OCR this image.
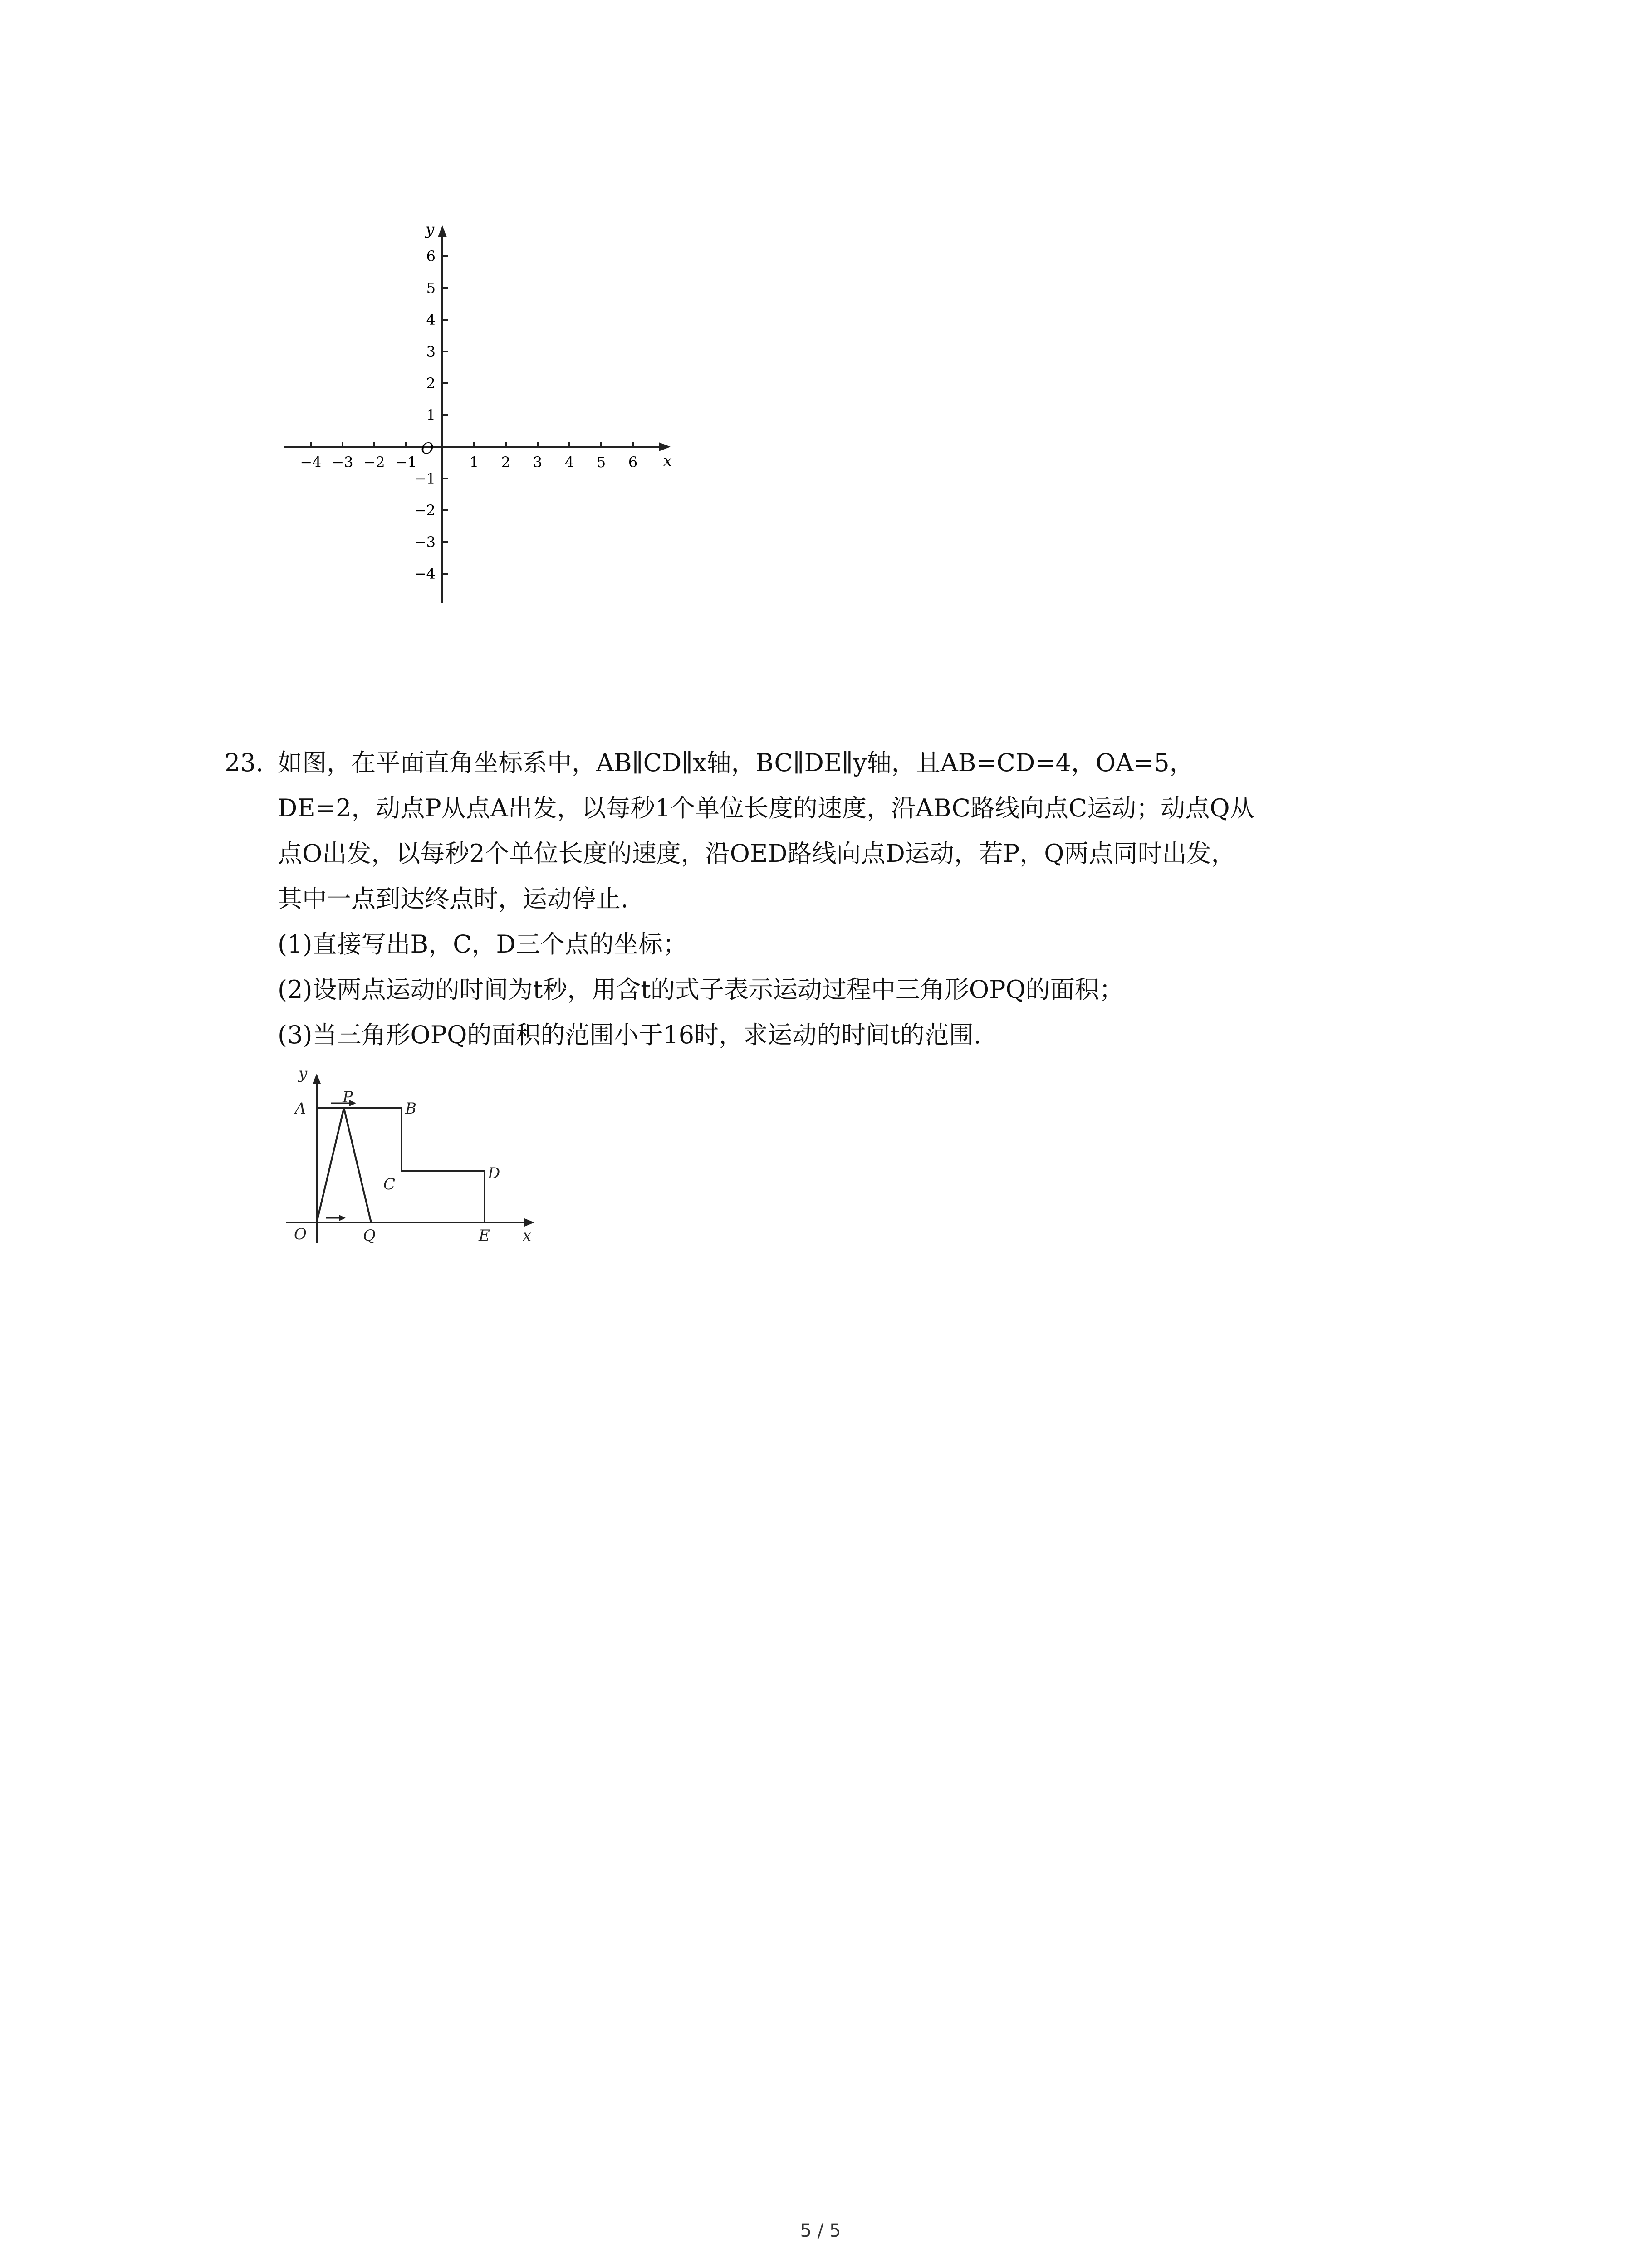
y
x
O
−4 −3 −2 −1	1 2 3 4 5 6
6
5
4
3
2
1
−1
−2
−3
−4
23. 如图，在平面直角坐标系中，AB∥CD∥x轴，BC∥DE∥y轴，且AB=CD=4，OA=5，
DE=2，动点P从点A出发，以每秒1个单位长度的速度，沿ABC路线向点C运动；动点Q从
点O出发，以每秒2个单位长度的速度，沿OED路线向点D运动，若P，Q两点同时出发，
其中一点到达终点时，运动停止.
(1)直接写出B，C，D三个点的坐标；
(2)设两点运动的时间为t秒，用含t的式子表示运动过程中三角形OPQ的面积；
(3)当三角形OPQ的面积的范围小于16时，求运动的时间t的范围.
y
x
A
P
B
C
D
O	Q	E
5 / 5
